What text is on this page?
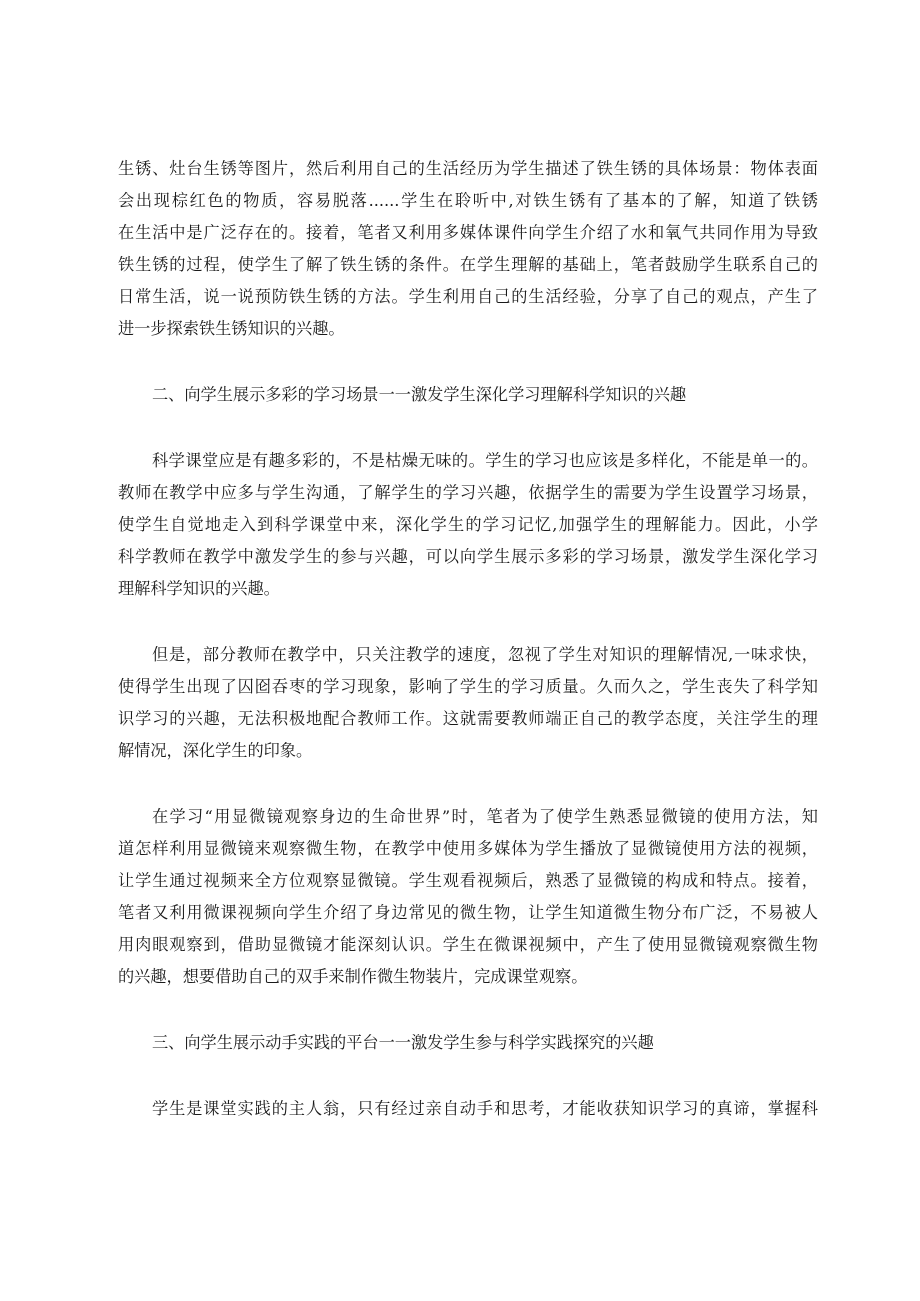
生锈、灶台生锈等图片，然后利用自己的生活经历为学生描述了铁生锈的具体场景：物体表面
会出现棕红色的物质，容易脱落......学生在聆听中,对铁生锈有了基本的了解，知道了铁锈
在生活中是广泛存在的。接着，笔者又利用多媒体课件向学生介绍了水和氧气共同作用为导致
铁生锈的过程，使学生了解了铁生锈的条件。在学生理解的基础上，笔者鼓励学生联系自己的
日常生活，说一说预防铁生锈的方法。学生利用自己的生活经验，分享了自己的观点，产生了
进一步探索铁生锈知识的兴趣。
二、向学生展示多彩的学习场景一一激发学生深化学习理解科学知识的兴趣
科学课堂应是有趣多彩的，不是枯燥无味的。学生的学习也应该是多样化，不能是单一的。
教师在教学中应多与学生沟通，了解学生的学习兴趣，依据学生的需要为学生设置学习场景，
使学生自觉地走入到科学课堂中来，深化学生的学习记忆,加强学生的理解能力。因此，小学
科学教师在教学中激发学生的参与兴趣，可以向学生展示多彩的学习场景，激发学生深化学习
理解科学知识的兴趣。
但是，部分教师在教学中，只关注教学的速度，忽视了学生对知识的理解情况,一味求快，
使得学生出现了囚囵吞枣的学习现象，影响了学生的学习质量。久而久之，学生丧失了科学知
识学习的兴趣，无法积极地配合教师工作。这就需要教师端正自己的教学态度，关注学生的理
解情况，深化学生的印象。
在学习“用显微镜观察身边的生命世界”时，笔者为了使学生熟悉显微镜的使用方法，知
道怎样利用显微镜来观察微生物，在教学中使用多媒体为学生播放了显微镜使用方法的视频，
让学生通过视频来全方位观察显微镜。学生观看视频后，熟悉了显微镜的构成和特点。接着，
笔者又利用微课视频向学生介绍了身边常见的微生物，让学生知道微生物分布广泛，不易被人
用肉眼观察到，借助显微镜才能深刻认识。学生在微课视频中，产生了使用显微镜观察微生物
的兴趣，想要借助自己的双手来制作微生物装片，完成课堂观察。
三、向学生展示动手实践的平台一一激发学生参与科学实践探究的兴趣
学生是课堂实践的主人翁，只有经过亲自动手和思考，才能收获知识学习的真谛，掌握科
